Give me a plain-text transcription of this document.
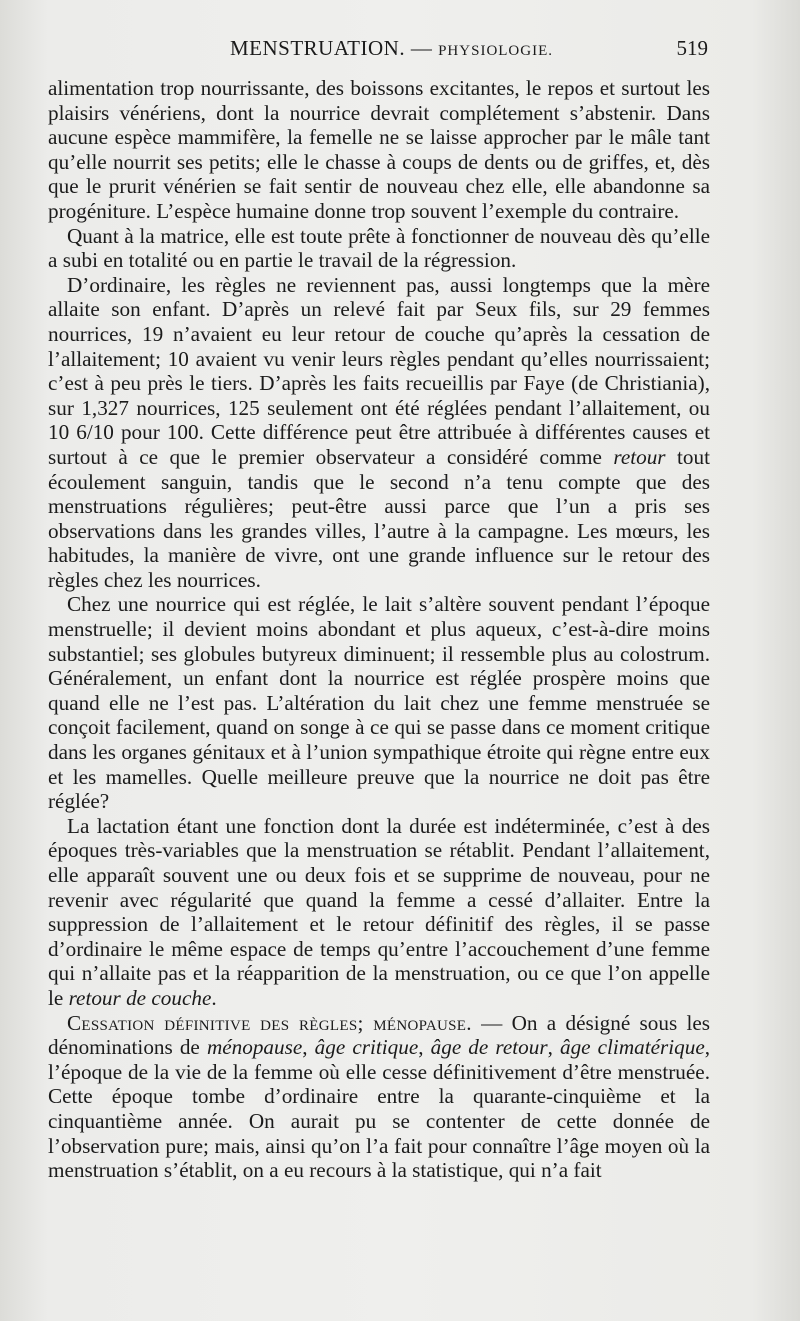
MENSTRUATION. — PHYSIOLOGIE.	519

alimentation trop nourrissante, des boissons excitantes, le repos et surtout les plaisirs vénériens, dont la nourrice devrait complétement s’abstenir. Dans aucune espèce mammifère, la femelle ne se laisse approcher par le mâle tant qu’elle nourrit ses petits; elle le chasse à coups de dents ou de griffes, et, dès que le prurit vénérien se fait sentir de nouveau chez elle, elle abandonne sa progéniture. L’espèce humaine donne trop souvent l’exemple du contraire.

Quant à la matrice, elle est toute prête à fonctionner de nouveau dès qu’elle a subi en totalité ou en partie le travail de la régression.

D’ordinaire, les règles ne reviennent pas, aussi longtemps que la mère allaite son enfant. D’après un relevé fait par Seux fils, sur 29 femmes nourrices, 19 n’avaient eu leur retour de couche qu’après la cessation de l’allaitement; 10 avaient vu venir leurs règles pendant qu’elles nourrissaient; c’est à peu près le tiers. D’après les faits recueillis par Faye (de Christiania), sur 1,327 nourrices, 125 seulement ont été réglées pendant l’allaitement, ou 10 6/10 pour 100. Cette différence peut être attribuée à différentes causes et surtout à ce que le premier observateur a considéré comme retour tout écoulement sanguin, tandis que le second n’a tenu compte que des menstruations régulières; peut-être aussi parce que l’un a pris ses observations dans les grandes villes, l’autre à la campagne. Les mœurs, les habitudes, la manière de vivre, ont une grande influence sur le retour des règles chez les nourrices.

Chez une nourrice qui est réglée, le lait s’altère souvent pendant l’époque menstruelle; il devient moins abondant et plus aqueux, c’est-à-dire moins substantiel; ses globules butyreux diminuent; il ressemble plus au colostrum. Généralement, un enfant dont la nourrice est réglée prospère moins que quand elle ne l’est pas. L’altération du lait chez une femme menstruée se conçoit facilement, quand on songe à ce qui se passe dans ce moment critique dans les organes génitaux et à l’union sympathique étroite qui règne entre eux et les mamelles. Quelle meilleure preuve que la nourrice ne doit pas être réglée?

La lactation étant une fonction dont la durée est indéterminée, c’est à des époques très-variables que la menstruation se rétablit. Pendant l’allaitement, elle apparaît souvent une ou deux fois et se supprime de nouveau, pour ne revenir avec régularité que quand la femme a cessé d’allaiter. Entre la suppression de l’allaitement et le retour définitif des règles, il se passe d’ordinaire le même espace de temps qu’entre l’accouchement d’une femme qui n’allaite pas et la réapparition de la menstruation, ou ce que l’on appelle le retour de couche.

Cessation définitive des règles; ménopause. — On a désigné sous les dénominations de ménopause, âge critique, âge de retour, âge climatérique, l’époque de la vie de la femme où elle cesse définitivement d’être menstruée. Cette époque tombe d’ordinaire entre la quarante-cinquième et la cinquantième année. On aurait pu se contenter de cette donnée de l’observation pure; mais, ainsi qu’on l’a fait pour connaître l’âge moyen où la menstruation s’établit, on a eu recours à la statistique, qui n’a fait
